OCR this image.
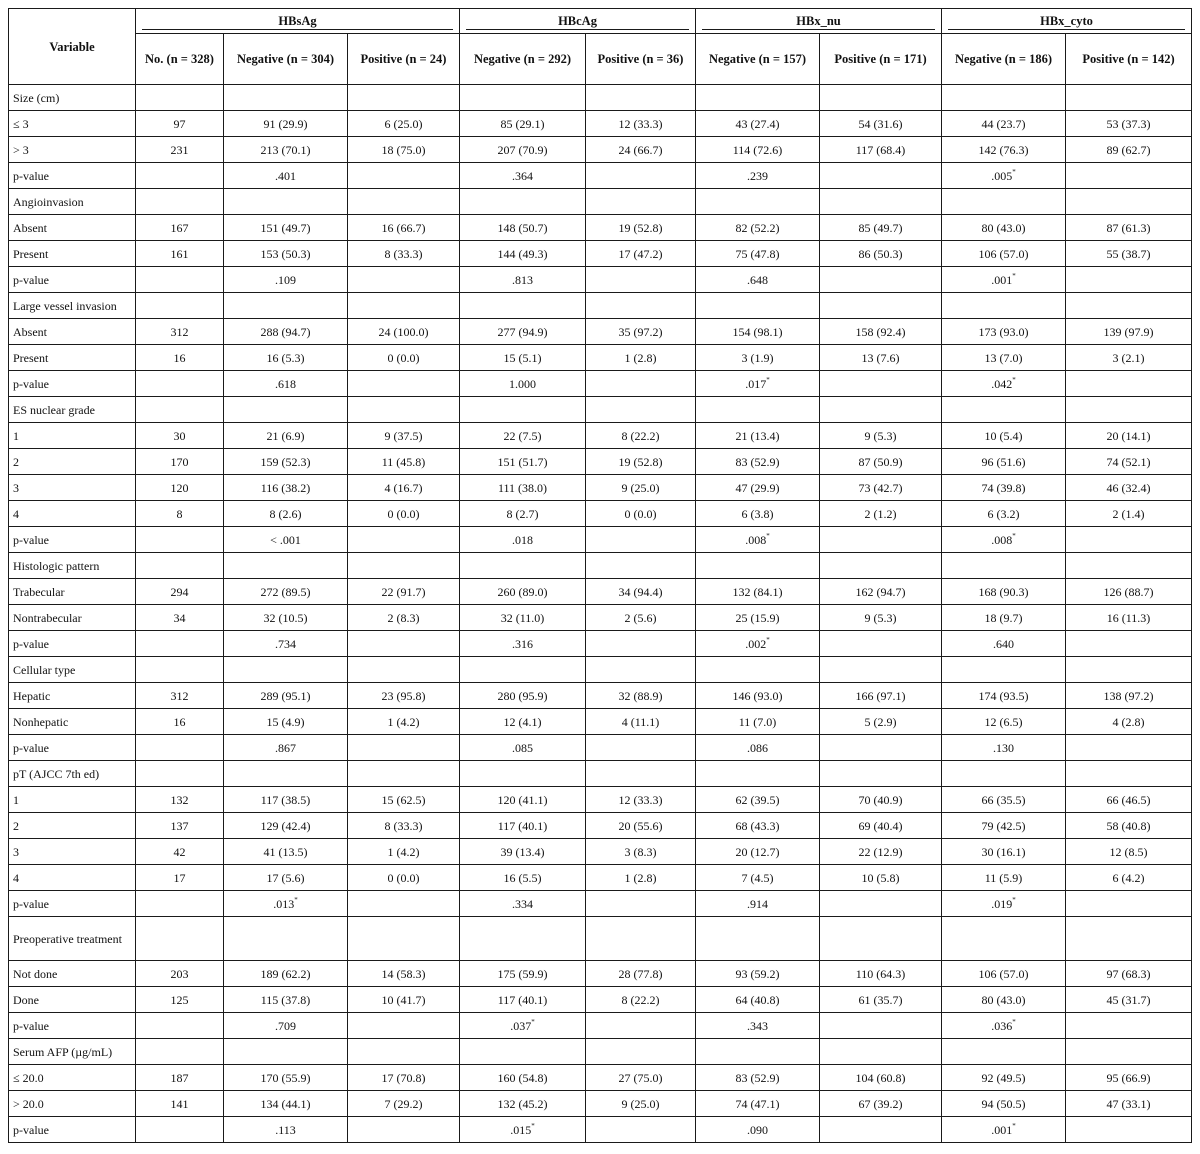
Variable	HBsAg			HBcAg		HBx_nu		HBx_cyto	

	No. (n = 328)	Negative (n = 304)	Positive (n = 24)	Negative (n = 292)	Positive (n = 36)	Negative (n = 157)	Positive (n = 171)	Negative (n = 186)	Positive (n = 142)
Size (cm)									
≤ 3	97	91 (29.9)	6 (25.0)	85 (29.1)	12 (33.3)	43 (27.4)	54 (31.6)	44 (23.7)	53 (37.3)
> 3	231	213 (70.1)	18 (75.0)	207 (70.9)	24 (66.7)	114 (72.6)	117 (68.4)	142 (76.3)	89 (62.7)
p-value		.401		.364		.239		.005*	
Angioinvasion									
Absent	167	151 (49.7)	16 (66.7)	148 (50.7)	19 (52.8)	82 (52.2)	85 (49.7)	80 (43.0)	87 (61.3)
Present	161	153 (50.3)	8 (33.3)	144 (49.3)	17 (47.2)	75 (47.8)	86 (50.3)	106 (57.0)	55 (38.7)
p-value		.109		.813		.648		.001*	
Large vessel invasion									
Absent	312	288 (94.7)	24 (100.0)	277 (94.9)	35 (97.2)	154 (98.1)	158 (92.4)	173 (93.0)	139 (97.9)
Present	16	16 (5.3)	0 (0.0)	15 (5.1)	1 (2.8)	3 (1.9)	13 (7.6)	13 (7.0)	3 (2.1)
p-value		.618		1.000		.017*		.042*	
ES nuclear grade									
1	30	21 (6.9)	9 (37.5)	22 (7.5)	8 (22.2)	21 (13.4)	9 (5.3)	10 (5.4)	20 (14.1)
2	170	159 (52.3)	11 (45.8)	151 (51.7)	19 (52.8)	83 (52.9)	87 (50.9)	96 (51.6)	74 (52.1)
3	120	116 (38.2)	4 (16.7)	111 (38.0)	9 (25.0)	47 (29.9)	73 (42.7)	74 (39.8)	46 (32.4)
4	8	8 (2.6)	0 (0.0)	8 (2.7)	0 (0.0)	6 (3.8)	2 (1.2)	6 (3.2)	2 (1.4)
p-value		< .001		.018		.008*		.008*	
Histologic pattern									
Trabecular	294	272 (89.5)	22 (91.7)	260 (89.0)	34 (94.4)	132 (84.1)	162 (94.7)	168 (90.3)	126 (88.7)
Nontrabecular	34	32 (10.5)	2 (8.3)	32 (11.0)	2 (5.6)	25 (15.9)	9 (5.3)	18 (9.7)	16 (11.3)
p-value		.734		.316		.002*		.640	
Cellular type									
Hepatic	312	289 (95.1)	23 (95.8)	280 (95.9)	32 (88.9)	146 (93.0)	166 (97.1)	174 (93.5)	138 (97.2)
Nonhepatic	16	15 (4.9)	1 (4.2)	12 (4.1)	4 (11.1)	11 (7.0)	5 (2.9)	12 (6.5)	4 (2.8)
p-value		.867		.085		.086		.130	
pT (AJCC 7th ed)									
1	132	117 (38.5)	15 (62.5)	120 (41.1)	12 (33.3)	62 (39.5)	70 (40.9)	66 (35.5)	66 (46.5)
2	137	129 (42.4)	8 (33.3)	117 (40.1)	20 (55.6)	68 (43.3)	69 (40.4)	79 (42.5)	58 (40.8)
3	42	41 (13.5)	1 (4.2)	39 (13.4)	3 (8.3)	20 (12.7)	22 (12.9)	30 (16.1)	12 (8.5)
4	17	17 (5.6)	0 (0.0)	16 (5.5)	1 (2.8)	7 (4.5)	10 (5.8)	11 (5.9)	6 (4.2)
p-value		.013*		.334		.914		.019*	
Preoperative treatment									
Not done	203	189 (62.2)	14 (58.3)	175 (59.9)	28 (77.8)	93 (59.2)	110 (64.3)	106 (57.0)	97 (68.3)
Done	125	115 (37.8)	10 (41.7)	117 (40.1)	8 (22.2)	64 (40.8)	61 (35.7)	80 (43.0)	45 (31.7)
p-value		.709		.037*		.343		.036*	
Serum AFP (µg/mL)									
≤ 20.0	187	170 (55.9)	17 (70.8)	160 (54.8)	27 (75.0)	83 (52.9)	104 (60.8)	92 (49.5)	95 (66.9)
> 20.0	141	134 (44.1)	7 (29.2)	132 (45.2)	9 (25.0)	74 (47.1)	67 (39.2)	94 (50.5)	47 (33.1)
p-value		.113		.015*		.090		.001*	
